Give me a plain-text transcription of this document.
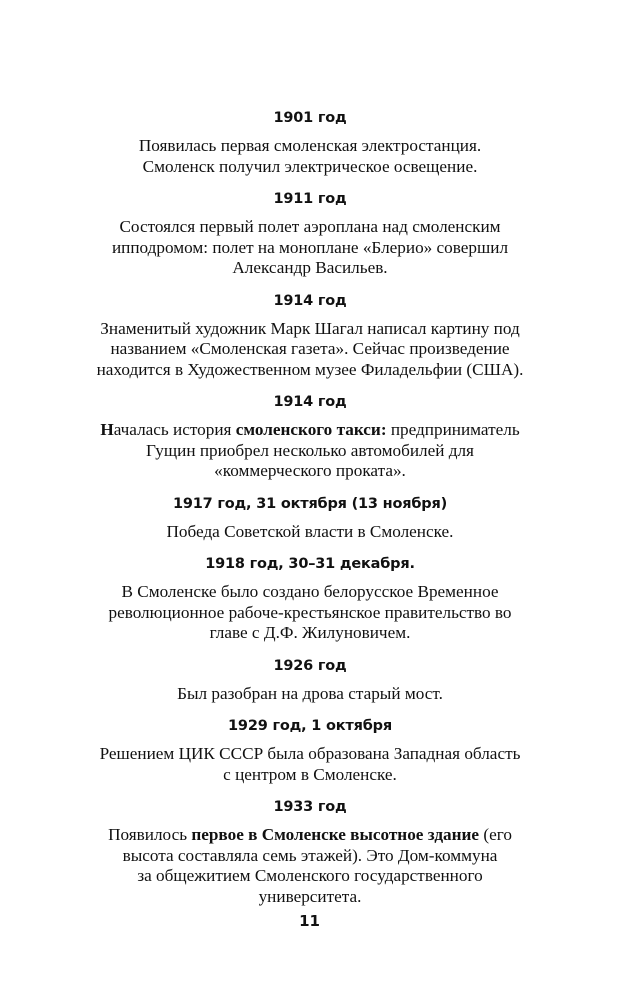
1901 год
Появилась первая смоленская электростанция.
Смоленск получил электрическое освещение.
1911 год
Состоялся первый полет аэроплана над смоленским
ипподромом: полет на моноплане «Блерио» совершил
Александр Васильев.
1914 год
Знаменитый художник Марк Шагал написал картину под
названием «Смоленская газета». Сейчас произведение
находится в Художественном музее Филадельфии (США).
1914 год
Началась история смоленского такси: предприниматель
Гущин приобрел несколько автомобилей для
«коммерческого проката».
1917 год, 31 октября (13 ноября)
Победа Советской власти в Смоленске.
1918 год, 30–31 декабря.
В Смоленске было создано белорусское Временное
революционное рабоче-крестьянское правительство во
главе с Д.Ф. Жилуновичем.
1926 год
Был разобран на дрова старый мост.
1929 год, 1 октября
Решением ЦИК СССР была образована Западная область
с центром в Смоленске.
1933 год
Появилось первое в Смоленске высотное здание (его
высота составляла семь этажей). Это Дом-коммуна
за общежитием Смоленского государственного
университета.
11
